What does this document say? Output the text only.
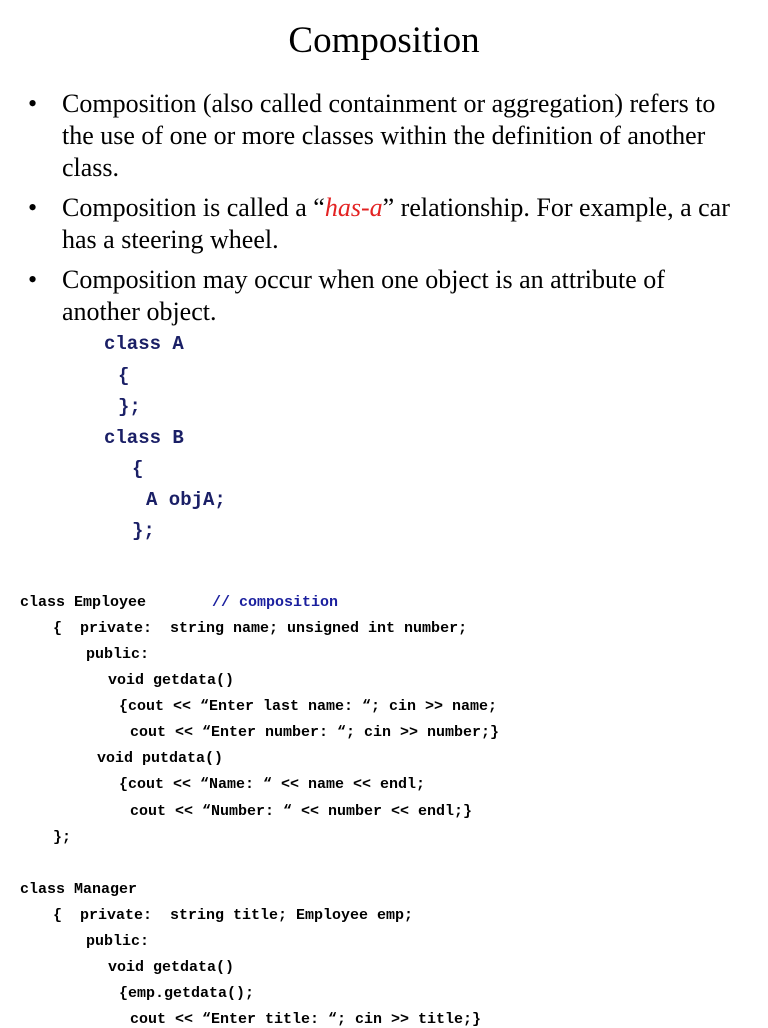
Composition
• Composition (also called containment or aggregation) refers to the use of one or more classes within the definition of another class.
• Composition is called a “has-a” relationship. For example, a car has a steering wheel.
• Composition may occur when one object is an attribute of another object.

class A

{

};

class B

{

A objA;

};

class Employee	// composition
{  private:  string name; unsigned int number;
public:
void getdata()
{cout << “Enter last name: “; cin >> name;
cout << “Enter number: “; cin >> number;}
void putdata()
{cout << “Name: “ << name << endl;
cout << “Number: “ << number << endl;}
};
class Manager
{  private:  string title; Employee emp;
public:
void getdata()
{emp.getdata();
cout << “Enter title: “; cin >> title;}
